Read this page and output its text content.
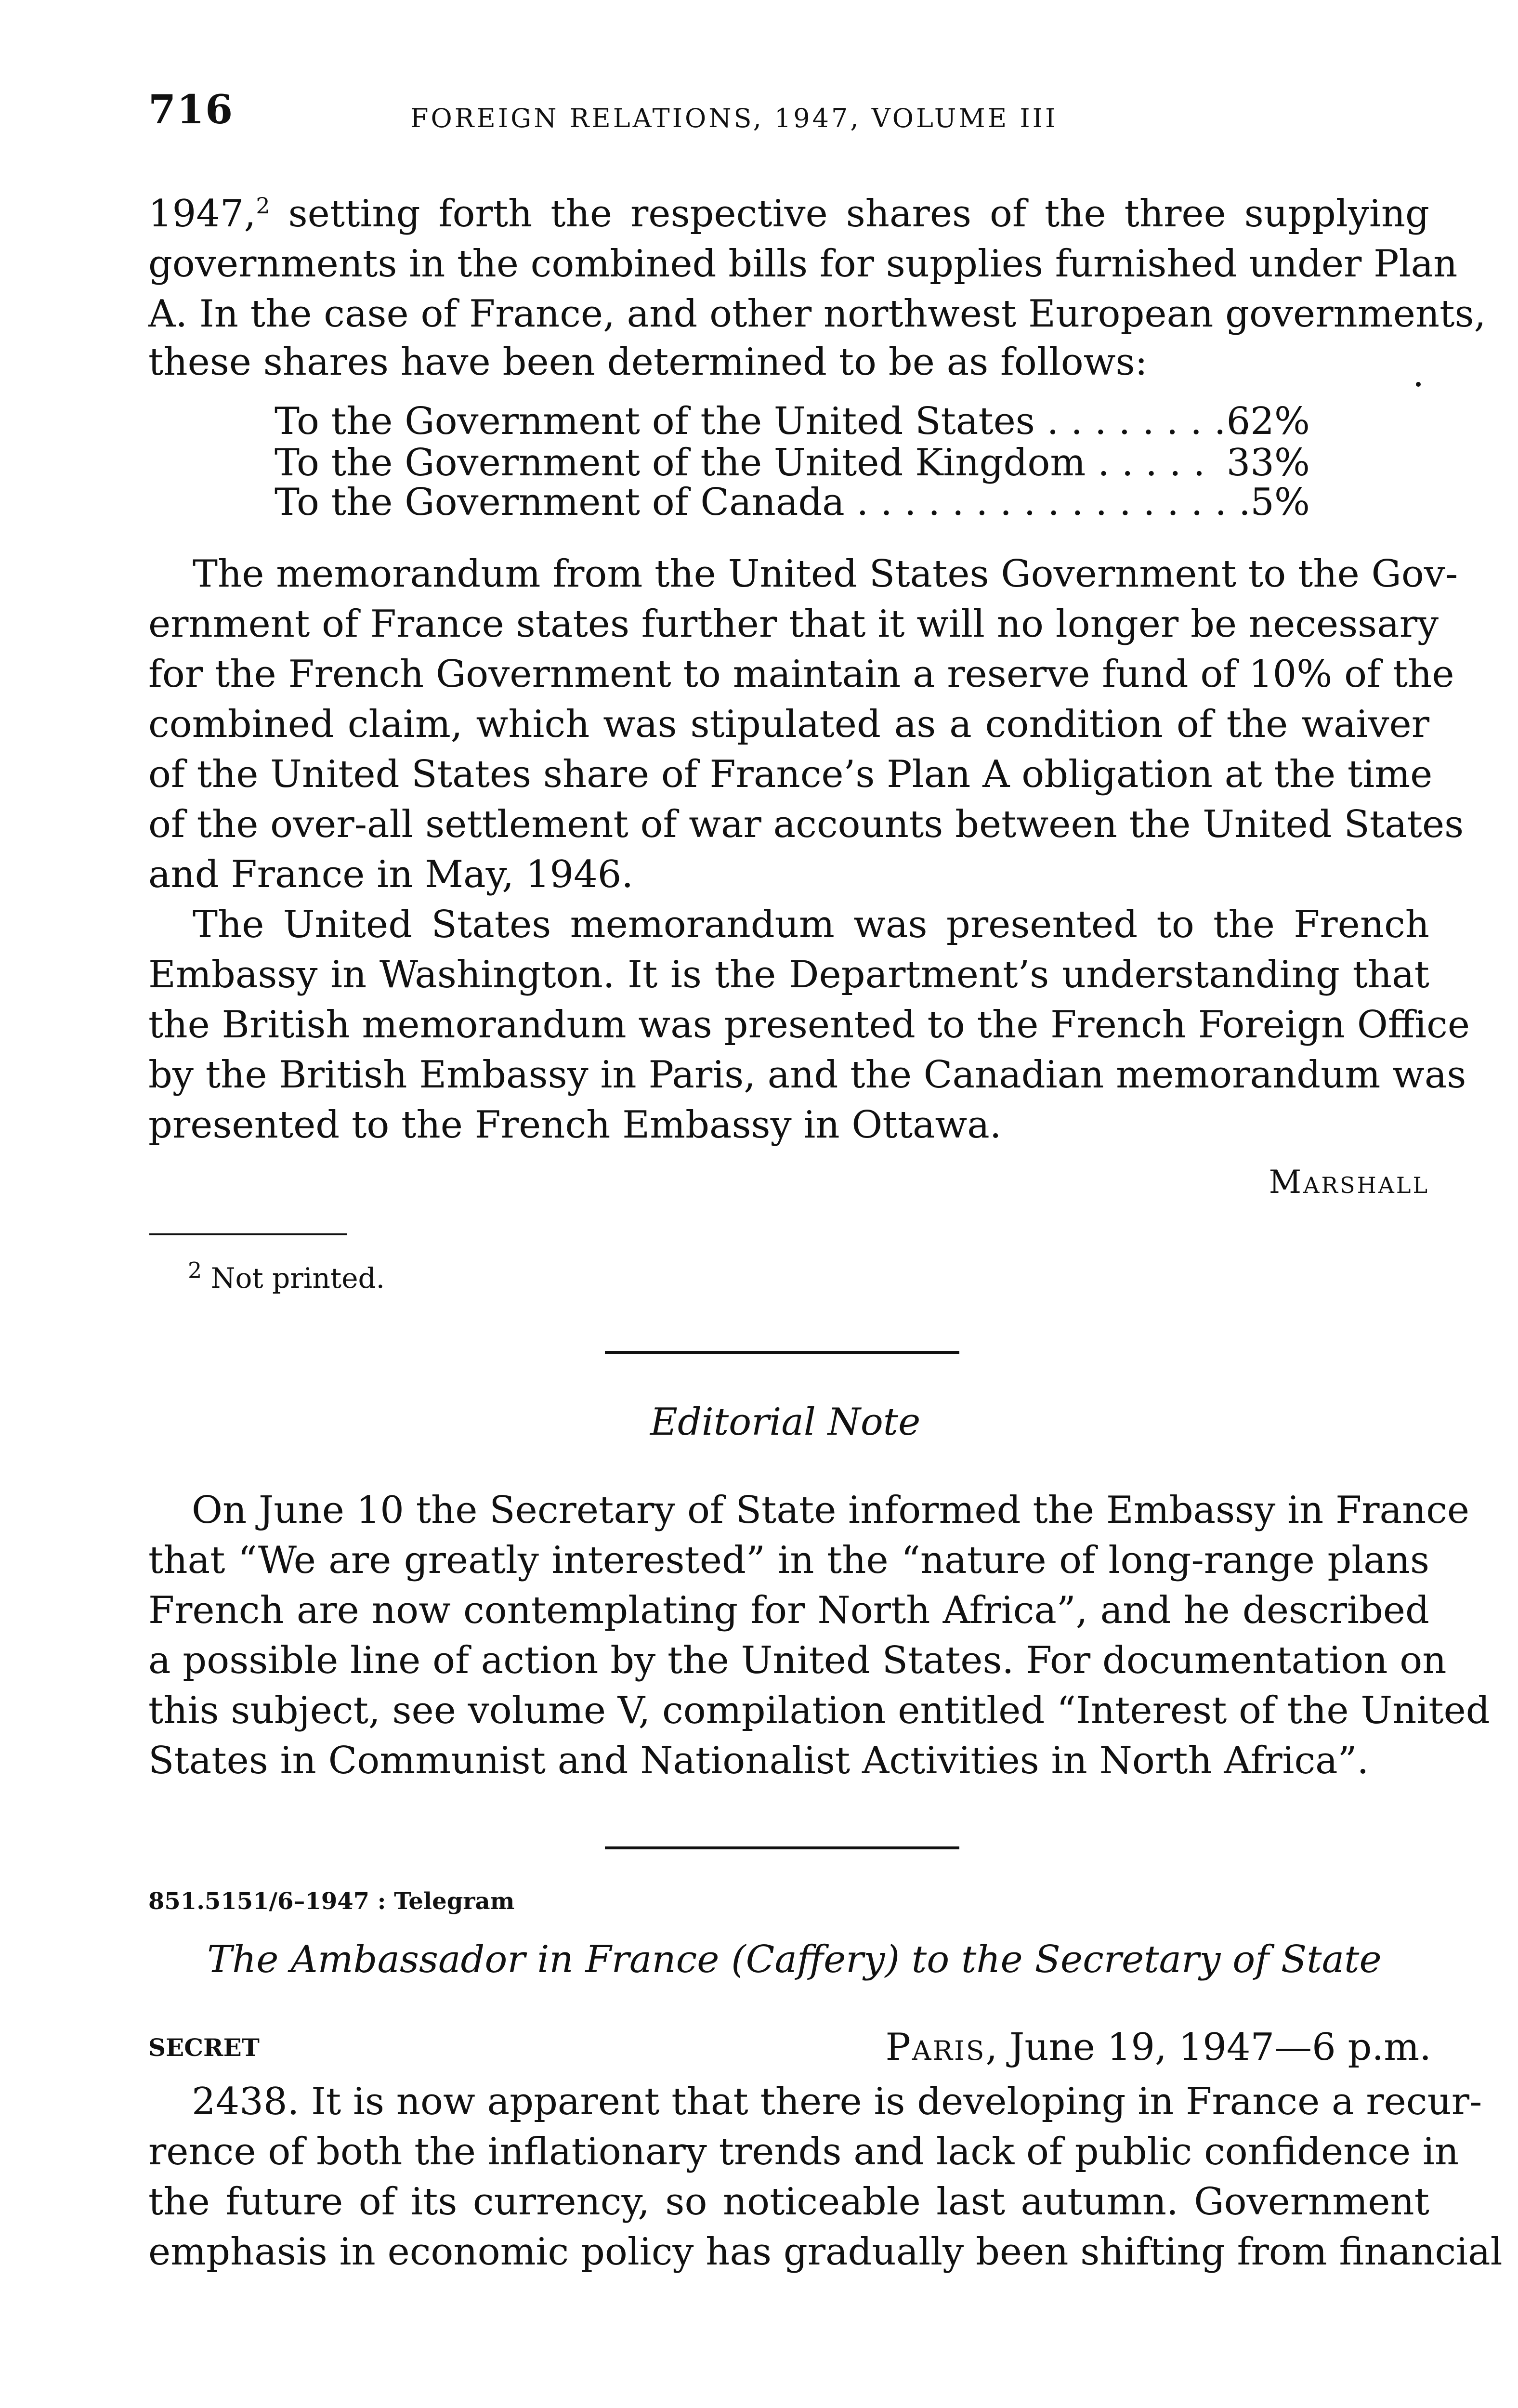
716	FOREIGN RELATIONS, 1947, VOLUME III
1947,$^2$ setting forth the respective shares of the three supplying
governments in the combined bills for supplies furnished under Plan
A. In the case of France, and other northwest European governments,
these shares have been determined to be as follows:
To the Government of the United States . . . . . . . . .
62%
To the Government of the United Kingdom . . . . . 33%
To the Government of Canada . . . . . . . . . . . . . . . . . 5%
The memorandum from the United States Government to the Gov-
ernment of France states further that it will no longer be necessary
for the French Government to maintain a reserve fund of 10% of the
combined claim, which was stipulated as a condition of the waiver
of the United States share of France’s Plan A obligation at the time
of the over-all settlement of war accounts between the United States
and France in May, 1946.
The United States memorandum was presented to the French
Embassy in Washington. It is the Department’s understanding that
the British memorandum was presented to the French Foreign Office
by the British Embassy in Paris, and the Canadian memorandum was
presented to the French Embassy in Ottawa.
Marshall
$^2$ Not printed.
Editorial Note
On June 10 the Secretary of State informed the Embassy in France
that “We are greatly interested” in the “nature of long-range plans
French are now contemplating for North Africa”, and he described
a possible line of action by the United States. For documentation on
this subject, see volume V, compilation entitled “Interest of the United
States in Communist and Nationalist Activities in North Africa”.
851.5151/6–1947 : Telegram
The Ambassador in France (Caffery) to the Secretary of State
SECRET	Paris, June 19, 1947—6 p.m.
2438. It is now apparent that there is developing in France a recur-
rence of both the inflationary trends and lack of public confidence in
the future of its currency, so noticeable last autumn. Government
emphasis in economic policy has gradually been shifting from financial
